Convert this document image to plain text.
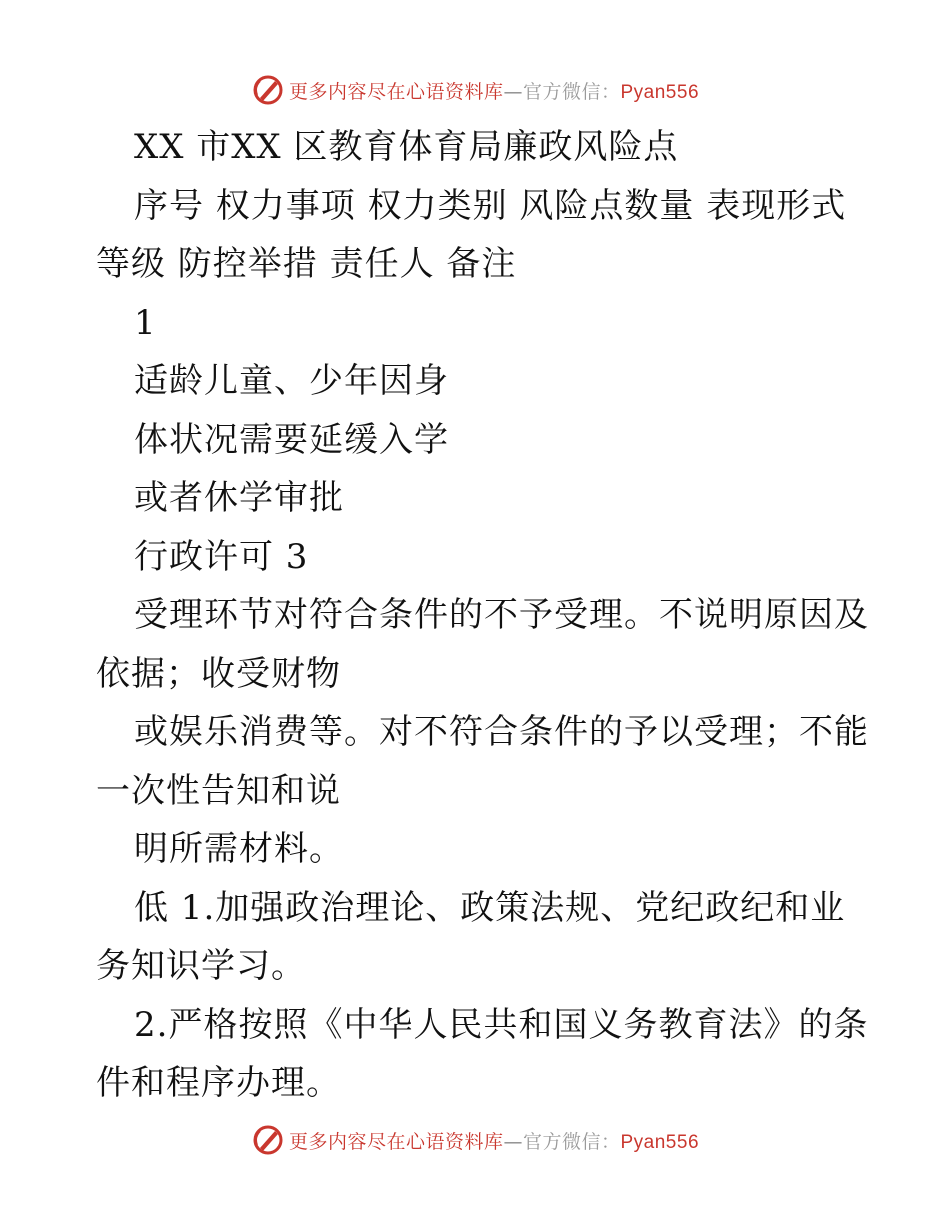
更多内容尽在心语资料库—官方微信：Pyan556
XX 市XX 区教育体育局廉政风险点
序号 权力事项 权力类别 风险点数量 表现形式
等级 防控举措 责任人 备注
1
适龄儿童、少年因身
体状况需要延缓入学
或者休学审批
行政许可 3
受理环节对符合条件的不予受理。不说明原因及
依据；收受财物
或娱乐消费等。对不符合条件的予以受理；不能
一次性告知和说
明所需材料。
低 1.加强政治理论、政策法规、党纪政纪和业
务知识学习。
2.严格按照《中华人民共和国义务教育法》的条
件和程序办理。
更多内容尽在心语资料库—官方微信：Pyan556
